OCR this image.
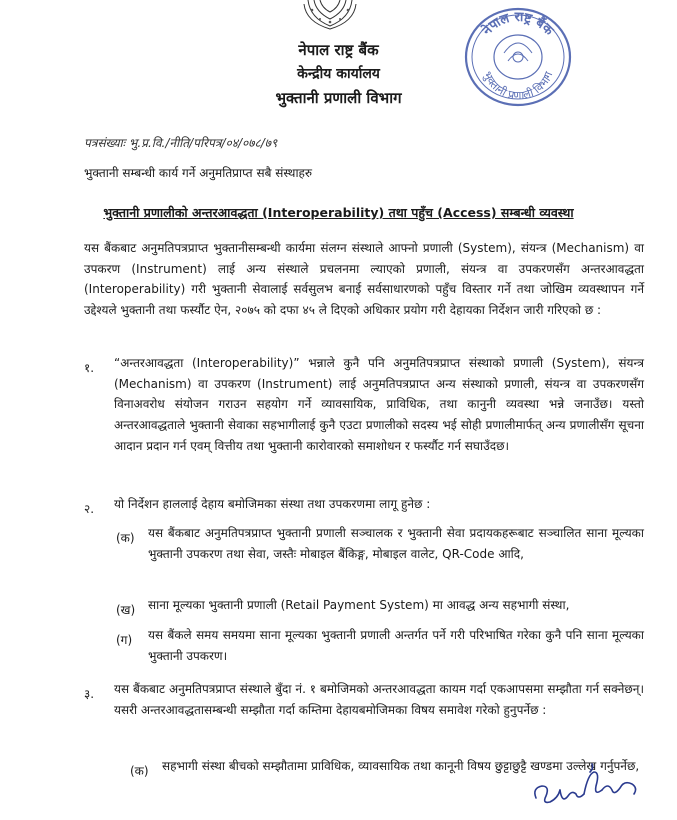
नेपाल राष्ट्र बैंक
केन्द्रीय कार्यालय
भुक्तानी प्रणाली विभाग
नेपाल राष्ट्र बैंक
भुक्तानी प्रणाली विभाग
पत्रसंख्याः भु.प्र.वि./नीति/परिपत्र/०४/०७८/७९
भुक्तानी सम्बन्धी कार्य गर्ने अनुमतिप्राप्त सबै संस्थाहरु
भुक्तानी प्रणालीको अन्तरआवद्धता (Interoperability) तथा पहुँच (Access) सम्बन्धी व्यवस्था
यस बैंकबाट अनुमतिपत्रप्राप्त भुक्तानीसम्बन्धी कार्यमा संलग्न संस्थाले आफ्नो प्रणाली (System), संयन्त्र (Mechanism) वा उपकरण (Instrument) लाई अन्य संस्थाले प्रचलनमा ल्याएको प्रणाली, संयन्त्र वा उपकरणसँग अन्तरआवद्धता (Interoperability) गरी भुक्तानी सेवालाई सर्वसुलभ बनाई सर्वसाधारणको पहुँच विस्तार गर्ने तथा जोखिम व्यवस्थापन गर्ने उद्देश्यले भुक्तानी तथा फर्स्यौट ऐन, २०७५ को दफा ४५ ले दिएको अधिकार प्रयोग गरी देहायका निर्देशन जारी गरिएको छ :
१. “अन्तरआवद्धता (Interoperability)” भन्नाले कुनै पनि अनुमतिपत्रप्राप्त संस्थाको प्रणाली (System), संयन्त्र (Mechanism) वा उपकरण (Instrument) लाई अनुमतिपत्रप्राप्त अन्य संस्थाको प्रणाली, संयन्त्र वा उपकरणसँग विनाअवरोध संयोजन गराउन सहयोग गर्ने व्यावसायिक, प्राविधिक, तथा कानुनी व्यवस्था भन्ने जनाउँछ। यस्तो अन्तरआवद्धताले भुक्तानी सेवाका सहभागीलाई कुनै एउटा प्रणालीको सदस्य भई सोही प्रणालीमार्फत् अन्य प्रणालीसँग सूचना आदान प्रदान गर्न एवम् वित्तीय तथा भुक्तानी कारोवारको समाशोधन र फर्स्यौट गर्न सघाउँदछ।
२. यो निर्देशन हाललाई देहाय बमोजिमका संस्था तथा उपकरणमा लागू हुनेछ :
(क) यस बैंकबाट अनुमतिपत्रप्राप्त भुक्तानी प्रणाली सञ्चालक र भुक्तानी सेवा प्रदायकहरूबाट सञ्चालित साना मूल्यका भुक्तानी उपकरण तथा सेवा, जस्तैः मोबाइल बैंकिङ्ग, मोबाइल वालेट, QR-Code आदि,
(ख) साना मूल्यका भुक्तानी प्रणाली (Retail Payment System) मा आवद्ध अन्य सहभागी संस्था,
(ग) यस बैंकले समय समयमा साना मूल्यका भुक्तानी प्रणाली अन्तर्गत पर्ने गरी परिभाषित गरेका कुनै पनि साना मूल्यका भुक्तानी उपकरण।
३. यस बैंकबाट अनुमतिपत्रप्राप्त संस्थाले बुँदा नं. १ बमोजिमको अन्तरआवद्धता कायम गर्दा एकआपसमा सम्झौता गर्न सक्नेछन्। यसरी अन्तरआवद्धतासम्बन्धी सम्झौता गर्दा कम्तिमा देहायबमोजिमका विषय समावेश गरेको हुनुपर्नेछ :
(क) सहभागी संस्था बीचको सम्झौतामा प्राविधिक, व्यावसायिक तथा कानूनी विषय छुट्टाछुट्टै खण्डमा उल्लेख गर्नुपर्नेछ,
